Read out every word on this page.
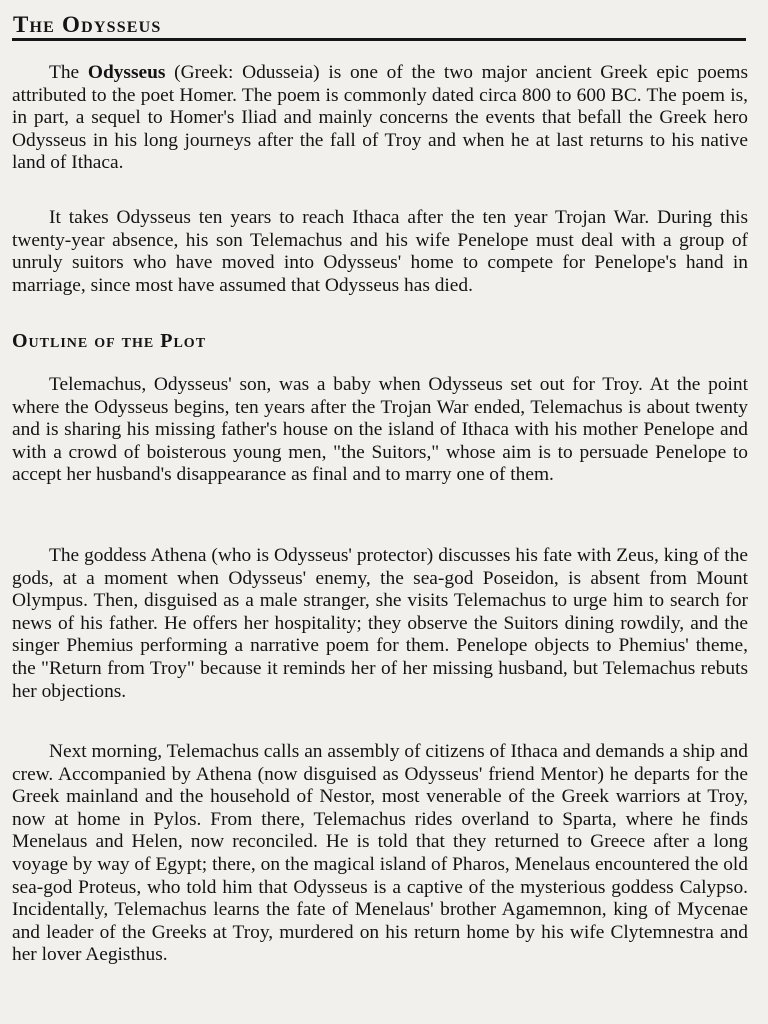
The Odysseus

The Odysseus (Greek: Odusseia) is one of the two major ancient Greek epic poems attributed to the poet Homer. The poem is commonly dated circa 800 to 600 BC. The poem is, in part, a sequel to Homer's Iliad and mainly concerns the events that befall the Greek hero Odysseus in his long journeys after the fall of Troy and when he at last returns to his native land of Ithaca.

It takes Odysseus ten years to reach Ithaca after the ten year Trojan War. During this twenty-year absence, his son Telemachus and his wife Penelope must deal with a group of unruly suitors who have moved into Odysseus' home to compete for Penelope's hand in marriage, since most have assumed that Odysseus has died.

Outline of the Plot

Telemachus, Odysseus' son, was a baby when Odysseus set out for Troy. At the point where the Odysseus begins, ten years after the Trojan War ended, Telemachus is about twenty and is sharing his missing father's house on the island of Ithaca with his mother Penelope and with a crowd of boisterous young men, "the Suitors," whose aim is to persuade Penelope to accept her husband's disappearance as final and to marry one of them.

The goddess Athena (who is Odysseus' protector) discusses his fate with Zeus, king of the gods, at a moment when Odysseus' enemy, the sea-god Poseidon, is absent from Mount Olympus. Then, disguised as a male stranger, she visits Telemachus to urge him to search for news of his father. He offers her hospitality; they observe the Suitors dining rowdily, and the singer Phemius performing a narrative poem for them. Penelope objects to Phemius' theme, the "Return from Troy" because it reminds her of her missing husband, but Telemachus rebuts her objections.

Next morning, Telemachus calls an assembly of citizens of Ithaca and demands a ship and crew. Accompanied by Athena (now disguised as Odysseus' friend Mentor) he departs for the Greek mainland and the household of Nestor, most venerable of the Greek warriors at Troy, now at home in Pylos. From there, Telemachus rides overland to Sparta, where he finds Menelaus and Helen, now reconciled. He is told that they returned to Greece after a long voyage by way of Egypt; there, on the magical island of Pharos, Menelaus encountered the old sea-god Proteus, who told him that Odysseus is a captive of the mysterious goddess Calypso. Incidentally, Telemachus learns the fate of Menelaus' brother Agamemnon, king of Mycenae and leader of the Greeks at Troy, murdered on his return home by his wife Clytemnestra and her lover Aegisthus.
